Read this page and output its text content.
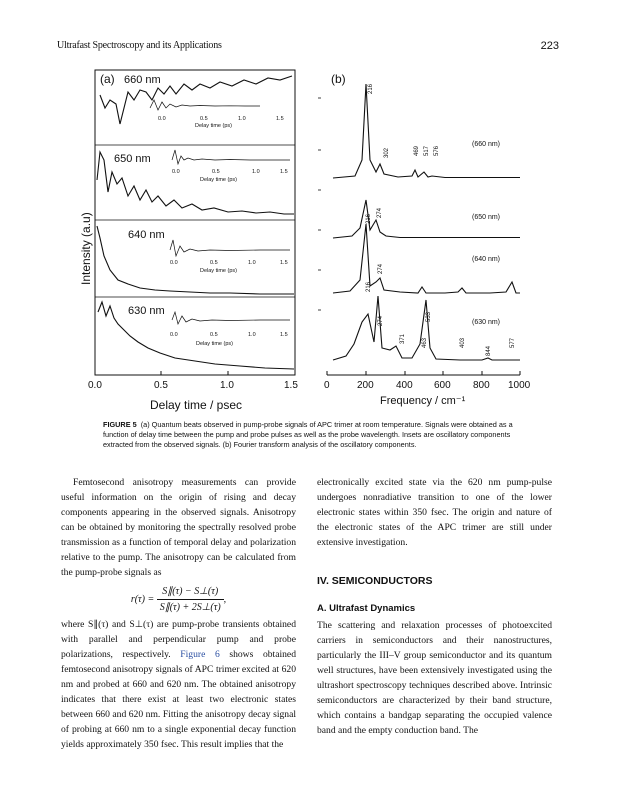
Ultrafast Spectroscopy and its Applications	223
(a) 660 nm
0.0	0.5	1.0	1.5
Delay time (ps)
650 nm
0.0	0.5	1.0	1.5
Delay time (ps)
640 nm
0.0	0.5	1.0	1.5
Delay time (ps)
630 nm
0.0	0.5	1.0	1.5
Delay time (ps)
Intensity (a.u)
0.0	0.5	1.0	1.5
Delay time / psec
(b)
(660 nm)
(650 nm)
(640 nm)
(630 nm)
216
302	469 517 576
216
274
216
274
463	403	577
274
371
533
844
0	200 400 600 800 1000
Frequency / cm⁻¹
FIGURE 5 (a) Quantum beats observed in pump-probe signals of APC trimer at room temperature. Signals were obtained as a function of delay time between the pump and probe pulses as well as the probe wavelength. Insets are oscillatory components extracted from the observed signals. (b) Fourier transform analysis of the oscillatory components.

Femtosecond anisotropy measurements can provide useful information on the origin of rising and decay components appearing in the observed signals. Anisotropy can be obtained by monitoring the spectrally resolved probe transmission as a function of temporal delay and polarization relative to the pump. The anisotropy can be calculated from the pump-probe signals as

$r(\tau) = \frac{S\parallel(\tau) - S\perp(\tau)}{S\parallel(\tau) + 2S\perp(\tau)}$ ,

where S∥(τ) and S⊥(τ) are pump-probe transients obtained with parallel and perpendicular pump and probe polarizations, respectively. Figure 6 shows obtained femtosecond anisotropy signals of APC trimer excited at 620 nm and probed at 660 and 620 nm. The obtained anisotropy indicates that there exist at least two electronic states between 660 and 620 nm. Fitting the anisotropy decay signal of probing at 660 nm to a single exponential decay function yields approximately 350 fsec. This result implies that the

electronically excited state via the 620 nm pump-pulse undergoes nonradiative transition to one of the lower electronic states within 350 fsec. The origin and nature of the electronic states of the APC trimer are still under extensive investigation.

IV. SEMICONDUCTORS
A. Ultrafast Dynamics

The scattering and relaxation processes of photoexcited carriers in semiconductors and their nanostructures, particularly the III–V group semiconductor and its quantum well structures, have been extensively investigated using the ultrashort spectroscopy techniques described above. Intrinsic semiconductors are characterized by their band structure, which contains a bandgap separating the occupied valence band and the empty conduction band. The
